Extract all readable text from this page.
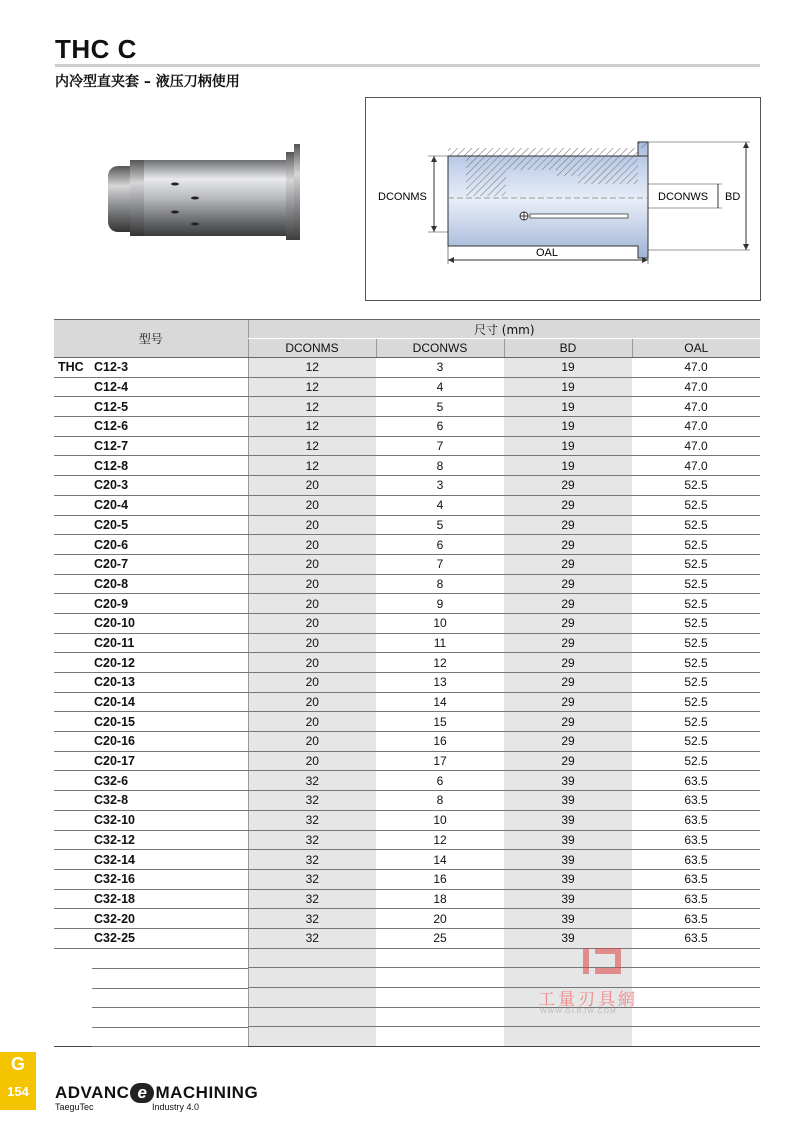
THC C
内冷型直夹套 – 液压刀柄使用
DCONMS	DCONWS BD
OAL
型号	尺寸 (mm)			
	DCONMS	DCONWS	BD	OAL
THC C12-3	12	3	19	47.0
C12-4	12	4	19	47.0
C12-5	12	5	19	47.0
C12-6	12	6	19	47.0
C12-7	12	7	19	47.0
C12-8	12	8	19	47.0
C20-3	20	3	29	52.5
C20-4	20	4	29	52.5
C20-5	20	5	29	52.5
C20-6	20	6	29	52.5
C20-7	20	7	29	52.5
C20-8	20	8	29	52.5
C20-9	20	9	29	52.5
C20-10	20	10	29	52.5
C20-11	20	11	29	52.5
C20-12	20	12	29	52.5
C20-13	20	13	29	52.5
C20-14	20	14	29	52.5
C20-15	20	15	29	52.5
C20-16	20	16	29	52.5
C20-17	20	17	29	52.5
C32-6	32	6	39	63.5
C32-8	32	8	39	63.5
C32-10	32	10	39	63.5
C32-12	32	12	39	63.5
C32-14	32	14	39	63.5
C32-16	32	16	39	63.5
C32-18	32	18	39	63.5
C32-20	32	20	39	63.5
C32-25	32	25	39	63.5

工量刃具網
WWW.GLRJW.COM
G
154	ADVANC e MACHINING
TaeguTec	Industry 4.0
